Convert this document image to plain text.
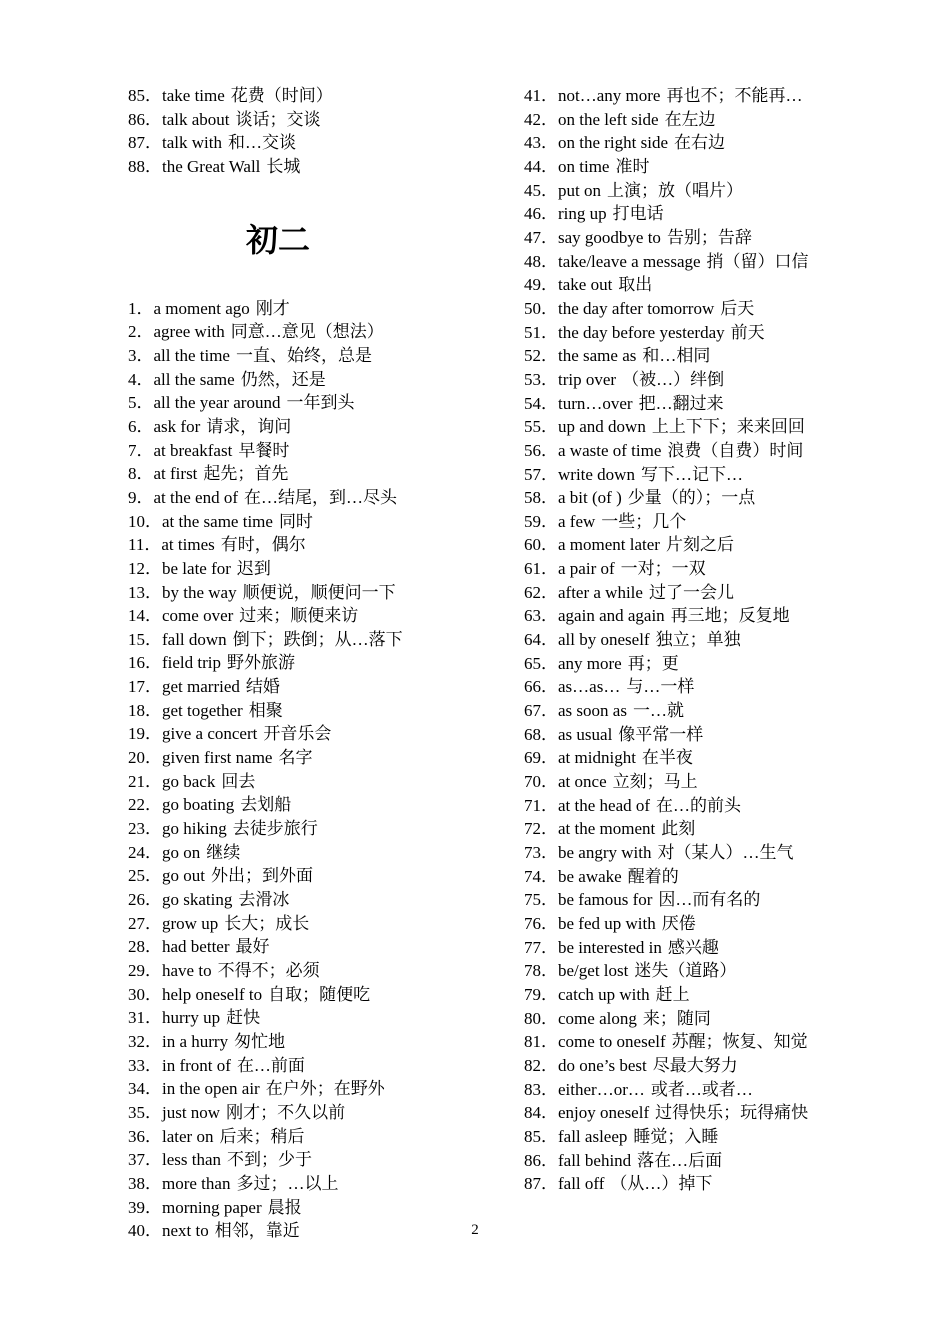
85．take time 花费（时间）
86．talk about 谈话；交谈
87．talk with 和…交谈
88．the Great Wall 长城
初二
1．a moment ago 刚才
2．agree with 同意…意见（想法）
3．all the time 一直、始终，总是
4．all the same 仍然，还是
5．all the year around 一年到头
6．ask for 请求，询问
7．at breakfast 早餐时
8．at first 起先；首先
9．at the end of 在…结尾，到…尽头
10．at the same time 同时
11．at times 有时，偶尔
12．be late for 迟到
13．by the way 顺便说，顺便问一下
14．come over 过来；顺便来访
15．fall down 倒下；跌倒；从…落下
16．field trip 野外旅游
17．get married 结婚
18．get together 相聚
19．give a concert 开音乐会
20．given first name 名字
21．go back 回去
22．go boating 去划船
23．go hiking 去徒步旅行
24．go on 继续
25．go out 外出；到外面
26．go skating 去滑冰
27．grow up 长大；成长
28．had better 最好
29．have to 不得不；必须
30．help oneself to 自取；随便吃
31．hurry up 赶快
32．in a hurry 匆忙地
33．in front of 在…前面
34．in the open air 在户外；在野外
35．just now 刚才；不久以前
36．later on 后来；稍后
37．less than 不到；少于
38．more than 多过；…以上
39．morning paper 晨报
40．next to 相邻，靠近
41．not…any more 再也不；不能再…
42．on the left side 在左边
43．on the right side 在右边
44．on time 准时
45．put on 上演；放（唱片）
46．ring up 打电话
47．say goodbye to 告别；告辞
48．take/leave a message 捎（留）口信
49．take out 取出
50．the day after tomorrow 后天
51．the day before yesterday 前天
52．the same as 和…相同
53．trip over （被…）绊倒
54．turn…over 把…翻过来
55．up and down 上上下下；来来回回
56．a waste of time 浪费（自费）时间
57．write down 写下…记下…
58．a bit (of ) 少量（的）；一点
59．a few 一些；几个
60．a moment later 片刻之后
61．a pair of 一对；一双
62．after a while 过了一会儿
63．again and again 再三地；反复地
64．all by oneself 独立；单独
65．any more 再；更
66．as…as… 与…一样
67．as soon as 一…就
68．as usual 像平常一样
69．at midnight 在半夜
70．at once 立刻；马上
71．at the head of 在…的前头
72．at the moment 此刻
73．be angry with 对（某人）…生气
74．be awake 醒着的
75．be famous for 因…而有名的
76．be fed up with 厌倦
77．be interested in 感兴趣
78．be/get lost 迷失（道路）
79．catch up with 赶上
80．come along 来；随同
81．come to oneself 苏醒；恢复、知觉
82．do one’s best 尽最大努力
83．either…or… 或者…或者…
84．enjoy oneself 过得快乐；玩得痛快
85．fall asleep 睡觉；入睡
86．fall behind 落在…后面
87．fall off （从…）掉下
2
